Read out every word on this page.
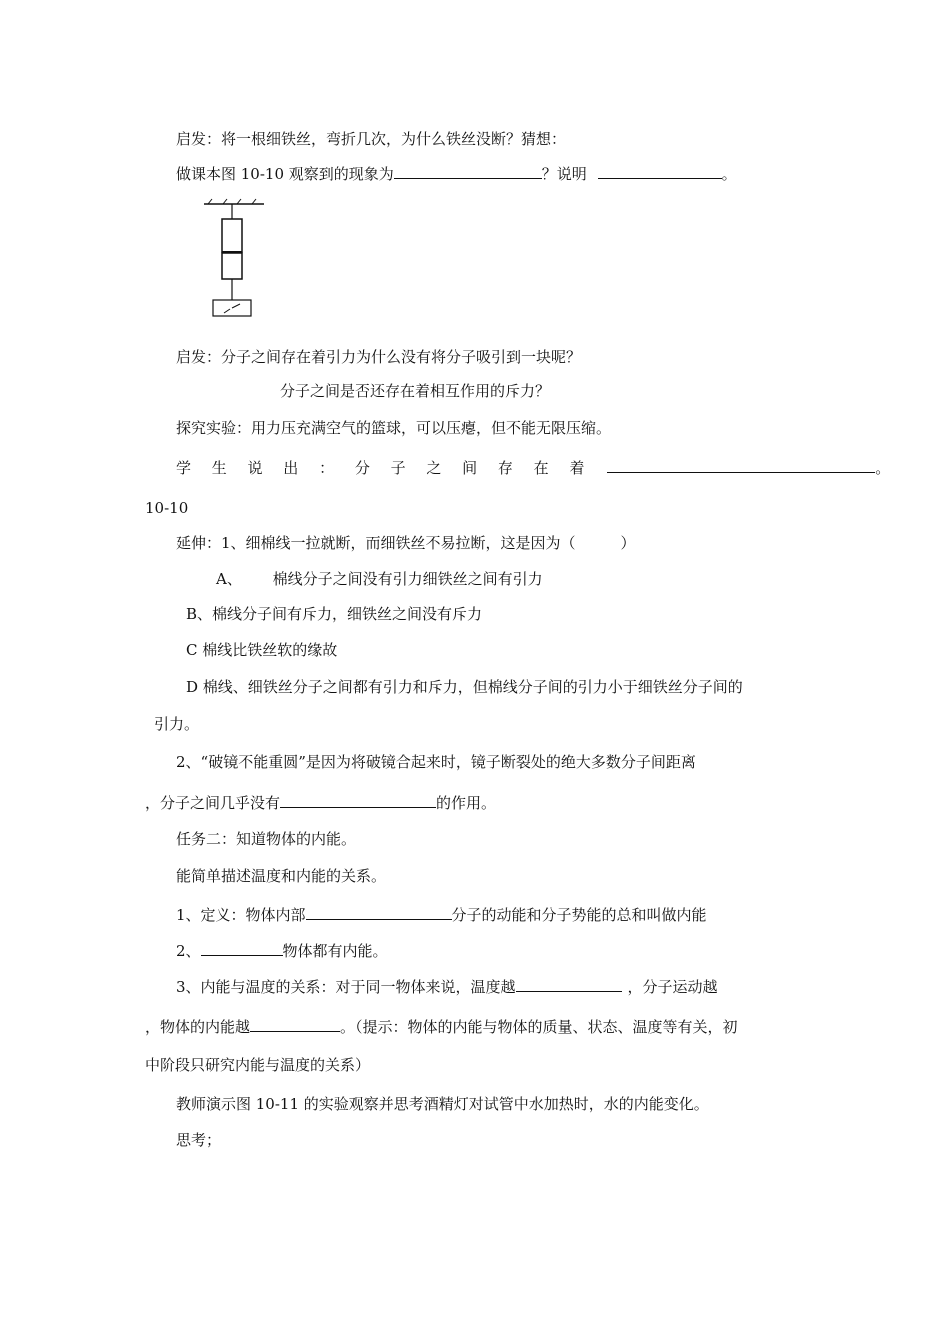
启发：将一根细铁丝，弯折几次，为什么铁丝没断？猜想：
做课本图 10-10 观察到的现象为	？说明	。
启发：分子之间存在着引力为什么没有将分子吸引到一块呢？
分子之间是否还存在着相互作用的斥力？
探究实验：用力压充满空气的篮球，可以压瘪，但不能无限压缩。
学 生 说 出 ： 分 子 之 间 存 在 着	。
10-10
延伸：1、细棉线一拉就断，而细铁丝不易拉断，这是因为（　　　）
A、 棉线分子之间没有引力细铁丝之间有引力
B、棉线分子间有斥力，细铁丝之间没有斥力
C 棉线比铁丝软的缘故
D 棉线、细铁丝分子之间都有引力和斥力，但棉线分子间的引力小于细铁丝分子间的
引力。
2、“破镜不能重圆”是因为将破镜合起来时，镜子断裂处的绝大多数分子间距离
，分子之间几乎没有	的作用。
任务二：知道物体的内能。
能简单描述温度和内能的关系。
1、定义：物体内部	分子的动能和分子势能的总和叫做内能
2、	物体都有内能。
3、内能与温度的关系：对于同一物体来说，温度越	，分子运动越
，物体的内能越	。（提示：物体的内能与物体的质量、状态、温度等有关，初
中阶段只研究内能与温度的关系）
教师演示图 10-11 的实验观察并思考酒精灯对试管中水加热时，水的内能变化。
思考；
